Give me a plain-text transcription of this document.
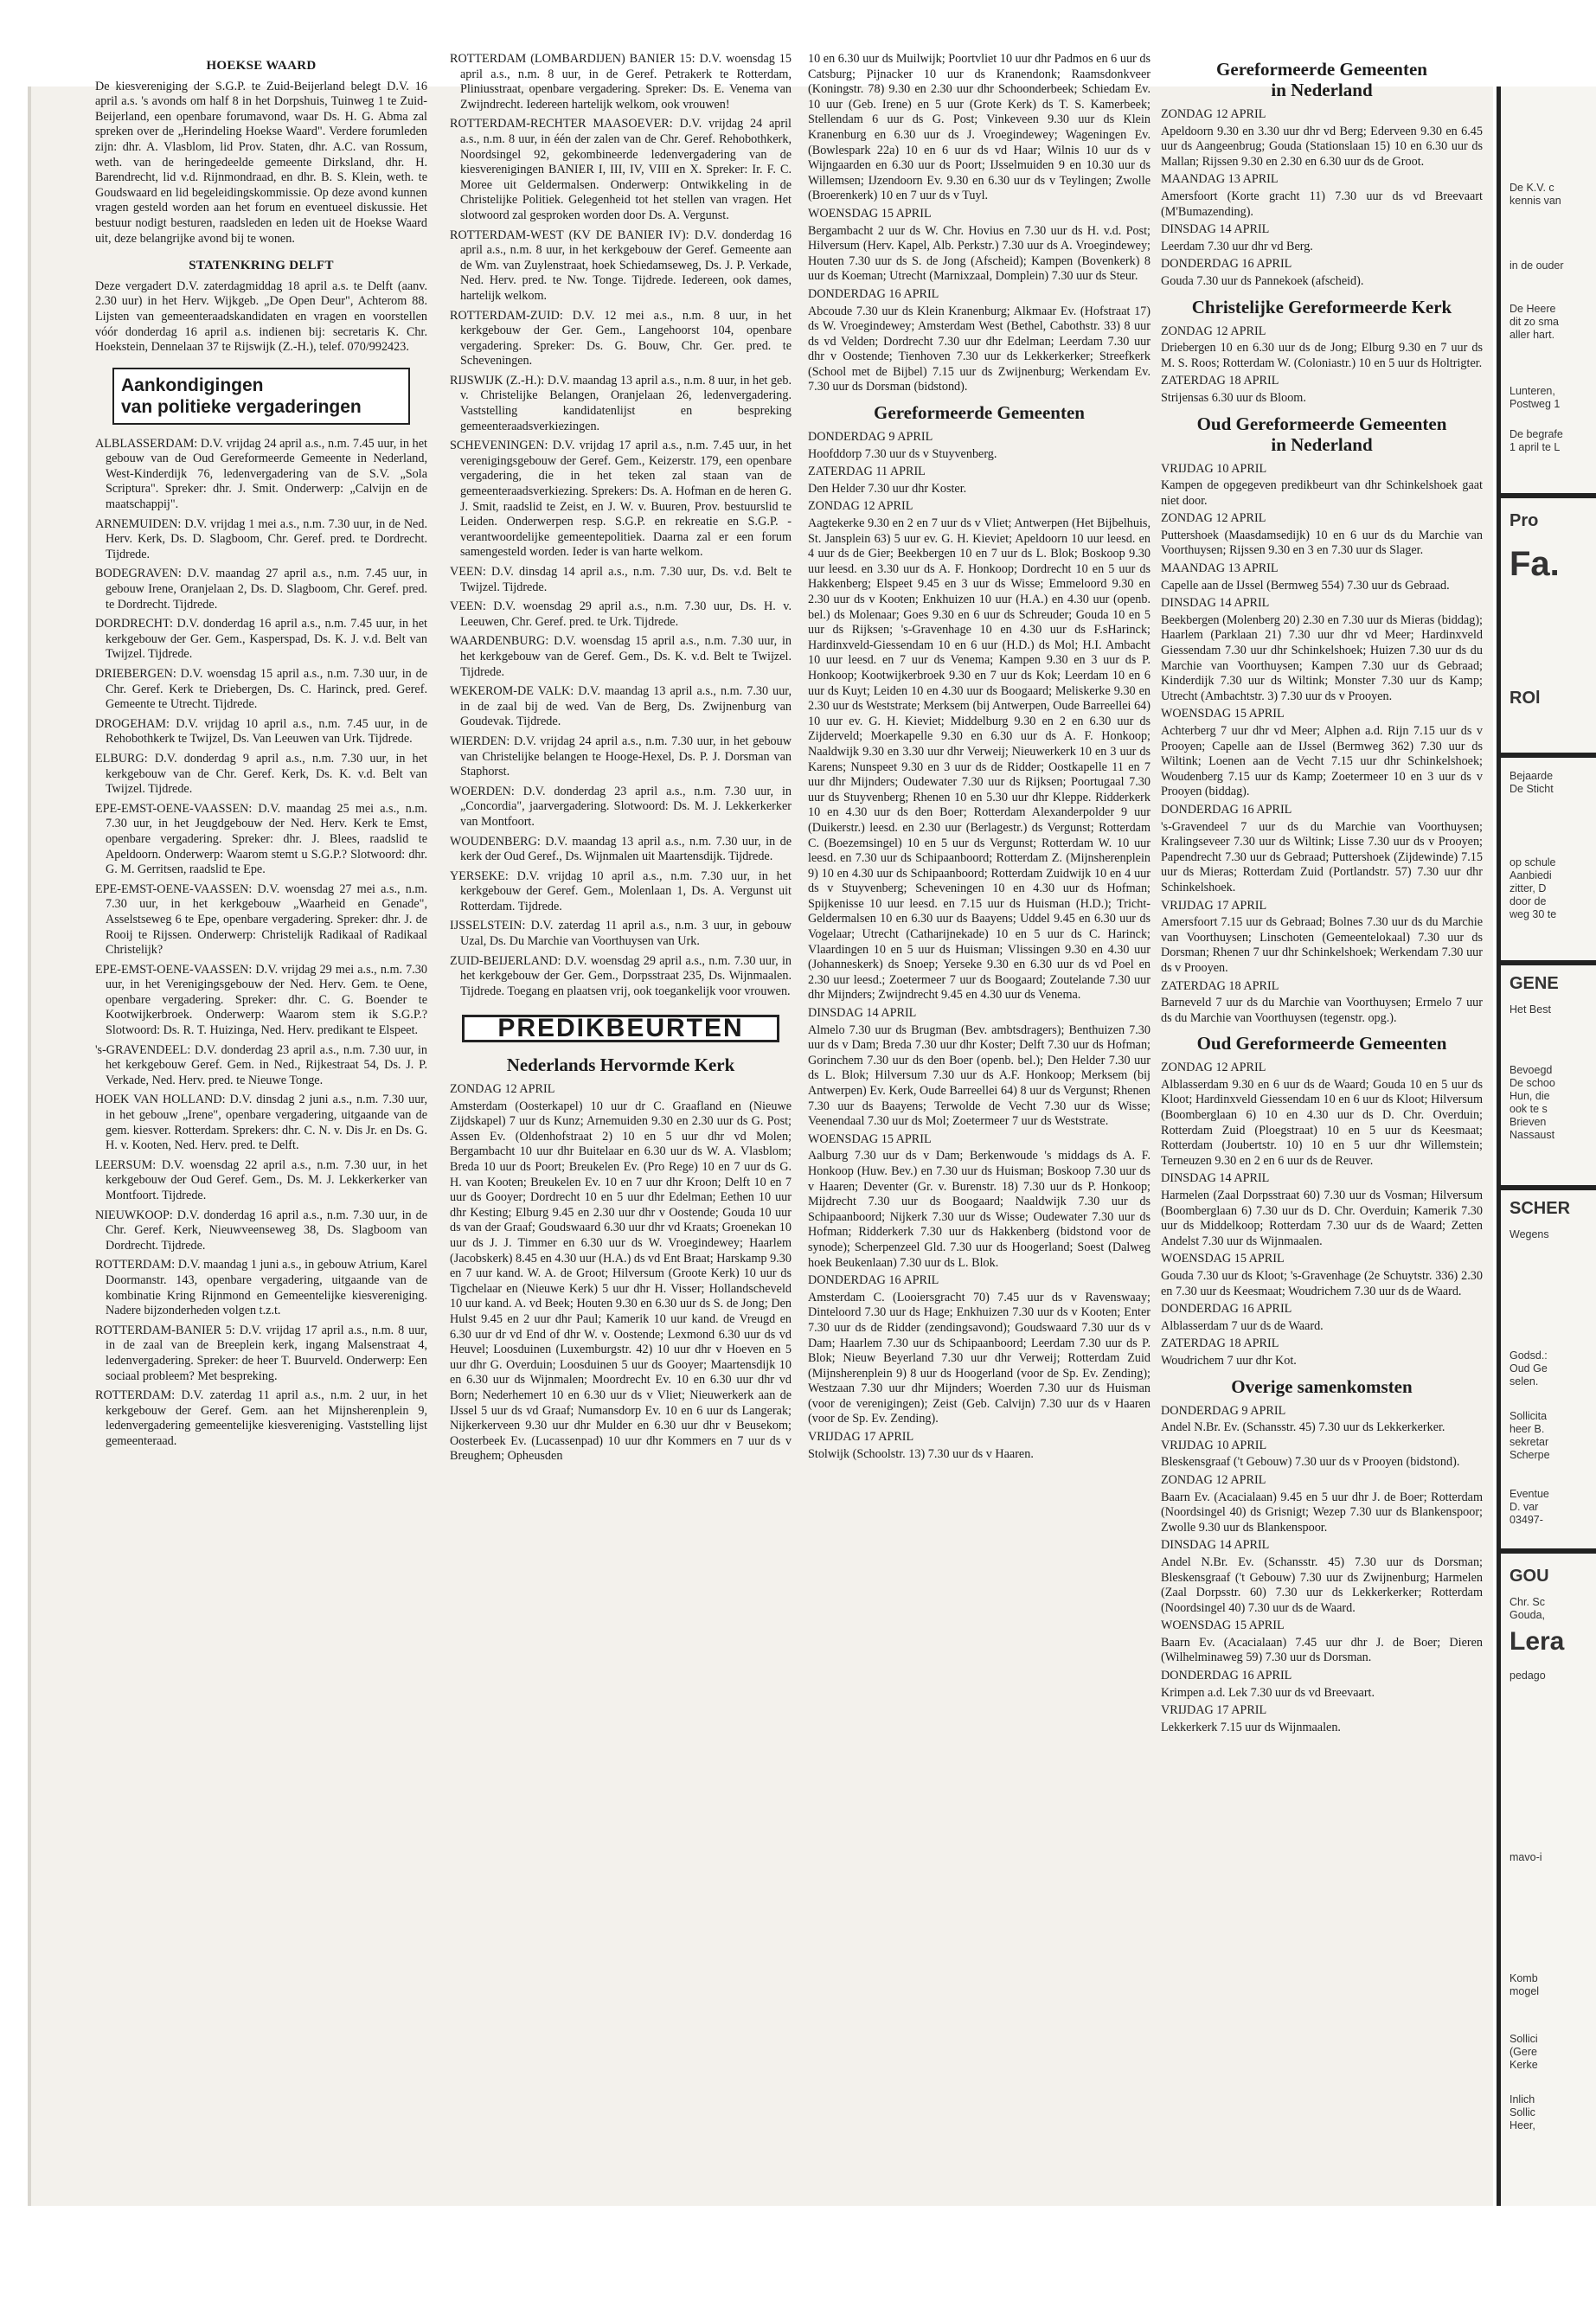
HOEKSE WAARD

De kiesvereniging der S.G.P. te Zuid-Beijerland belegt D.V. 16 april a.s. 's avonds om half 8 in het Dorpshuis, Tuinweg 1 te Zuid-Beijerland, een openbare forumavond, waar Ds. H. G. Abma zal spreken over de „Herindeling Hoekse Waard". Verdere forumleden zijn: dhr. A. Vlasblom, lid Prov. Staten, dhr. A.C. van Rossum, weth. van de heringedeelde gemeente Dirksland, dhr. H. Barendrecht, lid v.d. Rijnmondraad, en dhr. B. S. Klein, weth. te Goudswaard en lid begeleidingskommissie. Op deze avond kunnen vragen gesteld worden aan het forum en eventueel diskussie. Het bestuur nodigt besturen, raadsleden en leden uit de Hoekse Waard uit, deze belangrijke avond bij te wonen.

STATENKRING DELFT

Deze vergadert D.V. zaterdagmiddag 18 april a.s. te Delft (aanv. 2.30 uur) in het Herv. Wijkgeb. „De Open Deur", Achterom 88. Lijsten van gemeenteraadskandidaten en vragen en voorstellen vóór donderdag 16 april a.s. indienen bij: secretaris K. Chr. Hoekstein, Dennelaan 37 te Rijswijk (Z.-H.), telef. 070/992423.

Aankondigingen
van politieke vergaderingen

ALBLASSERDAM: D.V. vrijdag 24 april a.s., n.m. 7.45 uur, in het gebouw van de Oud Gereformeerde Gemeente in Nederland, West-Kinderdijk 76, ledenvergadering van de S.V. „Sola Scriptura". Spreker: dhr. J. Smit. Onderwerp: „Calvijn en de maatschappij".

ARNEMUIDEN: D.V. vrijdag 1 mei a.s., n.m. 7.30 uur, in de Ned. Herv. Kerk, Ds. D. Slagboom, Chr. Geref. pred. te Dordrecht. Tijdrede.

BODEGRAVEN: D.V. maandag 27 april a.s., n.m. 7.45 uur, in gebouw Irene, Oranjelaan 2, Ds. D. Slagboom, Chr. Geref. pred. te Dordrecht. Tijdrede.

DORDRECHT: D.V. donderdag 16 april a.s., n.m. 7.45 uur, in het kerkgebouw der Ger. Gem., Kasperspad, Ds. K. J. v.d. Belt van Twijzel. Tijdrede.

DRIEBERGEN: D.V. woensdag 15 april a.s., n.m. 7.30 uur, in de Chr. Geref. Kerk te Driebergen, Ds. C. Harinck, pred. Geref. Gemeente te Utrecht. Tijdrede.

DROGEHAM: D.V. vrijdag 10 april a.s., n.m. 7.45 uur, in de Rehobothkerk te Twijzel, Ds. Van Leeuwen van Urk. Tijdrede.

ELBURG: D.V. donderdag 9 april a.s., n.m. 7.30 uur, in het kerkgebouw van de Chr. Geref. Kerk, Ds. K. v.d. Belt van Twijzel. Tijdrede.

EPE-EMST-OENE-VAASSEN: D.V. maandag 25 mei a.s., n.m. 7.30 uur, in het Jeugdgebouw der Ned. Herv. Kerk te Emst, openbare vergadering. Spreker: dhr. J. Blees, raadslid te Apeldoorn. Onderwerp: Waarom stemt u S.G.P.? Slotwoord: dhr. G. M. Gerritsen, raadslid te Epe.

EPE-EMST-OENE-VAASSEN: D.V. woensdag 27 mei a.s., n.m. 7.30 uur, in het kerkgebouw „Waarheid en Genade", Asselstseweg 6 te Epe, openbare vergadering. Spreker: dhr. J. de Rooij te Rijssen. Onderwerp: Christelijk Radikaal of Radikaal Christelijk?

EPE-EMST-OENE-VAASSEN: D.V. vrijdag 29 mei a.s., n.m. 7.30 uur, in het Verenigingsgebouw der Ned. Herv. Gem. te Oene, openbare vergadering. Spreker: dhr. C. G. Boender te Kootwijkerbroek. Onderwerp: Waarom stem ik S.G.P.? Slotwoord: Ds. R. T. Huizinga, Ned. Herv. predikant te Elspeet.

's-GRAVENDEEL: D.V. donderdag 23 april a.s., n.m. 7.30 uur, in het kerkgebouw Geref. Gem. in Ned., Rijkestraat 54, Ds. J. P. Verkade, Ned. Herv. pred. te Nieuwe Tonge.

HOEK VAN HOLLAND: D.V. dinsdag 2 juni a.s., n.m. 7.30 uur, in het gebouw „Irene", openbare vergadering, uitgaande van de gem. kiesver. Rotterdam. Sprekers: dhr. C. N. v. Dis Jr. en Ds. G. H. v. Kooten, Ned. Herv. pred. te Delft.

LEERSUM: D.V. woensdag 22 april a.s., n.m. 7.30 uur, in het kerkgebouw der Oud Geref. Gem., Ds. M. J. Lekkerkerker van Montfoort. Tijdrede.

NIEUWKOOP: D.V. donderdag 16 april a.s., n.m. 7.30 uur, in de Chr. Geref. Kerk, Nieuwveenseweg 38, Ds. Slagboom van Dordrecht. Tijdrede.

ROTTERDAM: D.V. maandag 1 juni a.s., in gebouw Atrium, Karel Doormanstr. 143, openbare vergadering, uitgaande van de kombinatie Kring Rijnmond en Gemeentelijke kiesvereniging. Nadere bijzonderheden volgen t.z.t.

ROTTERDAM-BANIER 5: D.V. vrijdag 17 april a.s., n.m. 8 uur, in de zaal van de Breeplein kerk, ingang Malsenstraat 4, ledenvergadering. Spreker: de heer T. Buurveld. Onderwerp: Een sociaal probleem? Met bespreking.

ROTTERDAM: D.V. zaterdag 11 april a.s., n.m. 2 uur, in het kerkgebouw der Geref. Gem. aan het Mijnsherenplein 9, ledenvergadering gemeentelijke kiesvereniging. Vaststelling lijst gemeenteraad.

ROTTERDAM (LOMBARDIJEN) BANIER 15: D.V. woensdag 15 april a.s., n.m. 8 uur, in de Geref. Petrakerk te Rotterdam, Pliniusstraat, openbare vergadering. Spreker: Ds. E. Venema van Zwijndrecht. Iedereen hartelijk welkom, ook vrouwen!

ROTTERDAM-RECHTER MAASOEVER: D.V. vrijdag 24 april a.s., n.m. 8 uur, in één der zalen van de Chr. Geref. Rehobothkerk, Noordsingel 92, gekombineerde ledenvergadering van de kiesverenigingen BANIER I, III, IV, VIII en X. Spreker: Ir. F. C. Moree uit Geldermalsen. Onderwerp: Ontwikkeling in de Christelijke Politiek. Gelegenheid tot het stellen van vragen. Het slotwoord zal gesproken worden door Ds. A. Vergunst.

ROTTERDAM-WEST (KV DE BANIER IV): D.V. donderdag 16 april a.s., n.m. 8 uur, in het kerkgebouw der Geref. Gemeente aan de Wm. van Zuylenstraat, hoek Schiedamseweg, Ds. J. P. Verkade, Ned. Herv. pred. te Nw. Tonge. Tijdrede. Iedereen, ook dames, hartelijk welkom.

ROTTERDAM-ZUID: D.V. 12 mei a.s., n.m. 8 uur, in het kerkgebouw der Ger. Gem., Langehoorst 104, openbare vergadering. Spreker: Ds. G. Bouw, Chr. Ger. pred. te Scheveningen.

RIJSWIJK (Z.-H.): D.V. maandag 13 april a.s., n.m. 8 uur, in het geb. v. Christelijke Belangen, Oranjelaan 26, ledenvergadering. Vaststelling kandidatenlijst en bespreking gemeenteraadsverkiezingen.

SCHEVENINGEN: D.V. vrijdag 17 april a.s., n.m. 7.45 uur, in het verenigingsgebouw der Geref. Gem., Keizerstr. 179, een openbare vergadering, die in het teken zal staan van de gemeenteraadsverkiezing. Sprekers: Ds. A. Hofman en de heren G. J. Smit, raadslid te Zeist, en J. W. v. Buuren, Prov. bestuurslid te Leiden. Onderwerpen resp. S.G.P. en rekreatie en S.G.P. - verantwoordelijke gemeentepolitiek. Daarna zal er een forum samengesteld worden. Ieder is van harte welkom.

VEEN: D.V. dinsdag 14 april a.s., n.m. 7.30 uur, Ds. v.d. Belt te Twijzel. Tijdrede.

VEEN: D.V. woensdag 29 april a.s., n.m. 7.30 uur, Ds. H. v. Leeuwen, Chr. Geref. pred. te Urk. Tijdrede.

WAARDENBURG: D.V. woensdag 15 april a.s., n.m. 7.30 uur, in het kerkgebouw van de Geref. Gem., Ds. K. v.d. Belt te Twijzel. Tijdrede.

WEKEROM-DE VALK: D.V. maandag 13 april a.s., n.m. 7.30 uur, in de zaal bij de wed. Van de Berg, Ds. Zwijnenburg van Goudevak. Tijdrede.

WIERDEN: D.V. vrijdag 24 april a.s., n.m. 7.30 uur, in het gebouw van Christelijke belangen te Hooge-Hexel, Ds. P. J. Dorsman van Staphorst.

WOERDEN: D.V. donderdag 23 april a.s., n.m. 7.30 uur, in „Concordia", jaarvergadering. Slotwoord: Ds. M. J. Lekkerkerker van Montfoort.

WOUDENBERG: D.V. maandag 13 april a.s., n.m. 7.30 uur, in de kerk der Oud Geref., Ds. Wijnmalen uit Maartensdijk. Tijdrede.

YERSEKE: D.V. vrijdag 10 april a.s., n.m. 7.30 uur, in het kerkgebouw der Geref. Gem., Molenlaan 1, Ds. A. Vergunst uit Rotterdam. Tijdrede.

IJSSELSTEIN: D.V. zaterdag 11 april a.s., n.m. 3 uur, in gebouw Uzal, Ds. Du Marchie van Voorthuysen van Urk.

ZUID-BEIJERLAND: D.V. woensdag 29 april a.s., n.m. 7.30 uur, in het kerkgebouw der Ger. Gem., Dorpsstraat 235, Ds. Wijnmaalen. Tijdrede. Toegang en plaatsen vrij, ook toegankelijk voor vrouwen.

PREDIKBEURTEN
Nederlands Hervormde Kerk

ZONDAG 12 APRIL

Amsterdam (Oosterkapel) 10 uur dr C. Graafland en (Nieuwe Zijdskapel) 7 uur ds Kunz; Arnemuiden 9.30 en 2.30 uur ds G. Post; Assen Ev. (Oldenhofstraat 2) 10 en 5 uur dhr vd Molen; Bergambacht 10 uur dhr Buitelaar en 6.30 uur ds W. A. Vlasblom; Breda 10 uur ds Poort; Breukelen Ev. (Pro Rege) 10 en 7 uur ds G. H. van Kooten; Breukelen Ev. 10 en 7 uur dhr Kroon; Delft 10 en 7 uur ds Gooyer; Dordrecht 10 en 5 uur dhr Edelman; Eethen 10 uur dhr Kesting; Elburg 9.45 en 2.30 uur dhr v Oostende; Gouda 10 uur ds van der Graaf; Goudswaard 6.30 uur dhr vd Kraats; Groenekan 10 uur ds J. J. Timmer en 6.30 uur ds W. Vroegindewey; Haarlem (Jacobskerk) 8.45 en 4.30 uur (H.A.) ds vd Ent Braat; Harskamp 9.30 en 7 uur kand. W. A. de Groot; Hilversum (Groote Kerk) 10 uur ds Tigchelaar en (Nieuwe Kerk) 5 uur dhr H. Visser; Hollandscheveld 10 uur kand. A. vd Beek; Houten 9.30 en 6.30 uur ds S. de Jong; Den Hulst 9.45 en 2 uur dhr Paul; Kamerik 10 uur kand. de Vreugd en 6.30 uur dr vd End of dhr W. v. Oostende; Lexmond 6.30 uur ds vd Heuvel; Loosduinen (Luxemburgstr. 42) 10 uur dhr v Hoeven en 5 uur dhr G. Overduin; Loosduinen 5 uur ds Gooyer; Maartensdijk 10 en 6.30 uur ds Wijnmalen; Moordrecht Ev. 10 en 6.30 uur dhr vd Born; Nederhemert 10 en 6.30 uur ds v Vliet; Nieuwerkerk aan de IJssel 5 uur ds vd Graaf; Numansdorp Ev. 10 en 6 uur ds Langerak; Nijkerkerveen 9.30 uur dhr Mulder en 6.30 uur dhr v Beusekom; Oosterbeek Ev. (Lucassenpad) 10 uur dhr Kommers en 7 uur ds v Breughem; Opheusden

10 en 6.30 uur ds Muilwijk; Poortvliet 10 uur dhr Padmos en 6 uur ds Catsburg; Pijnacker 10 uur ds Kranendonk; Raamsdonkveer (Koningstr. 78) 9.30 en 2.30 uur dhr Schoonderbeek; Schiedam Ev. 10 uur (Geb. Irene) en 5 uur (Grote Kerk) ds T. S. Kamerbeek; Stellendam 6 uur ds G. Post; Vinkeveen 9.30 uur ds Klein Kranenburg en 6.30 uur ds J. Vroegindewey; Wageningen Ev. (Bowlespark 22a) 10 en 6 uur ds vd Haar; Wilnis 10 uur ds v Wijngaarden en 6.30 uur ds Poort; IJsselmuiden 9 en 10.30 uur ds Willemsen; IJzendoorn Ev. 9.30 en 6.30 uur ds v Teylingen; Zwolle (Broerenkerk) 10 en 7 uur ds v Tuyl.

WOENSDAG 15 APRIL

Bergambacht 2 uur ds W. Chr. Hovius en 7.30 uur ds H. v.d. Post; Hilversum (Herv. Kapel, Alb. Perkstr.) 7.30 uur ds A. Vroegindewey; Houten 7.30 uur ds S. de Jong (Afscheid); Kampen (Bovenkerk) 8 uur ds Koeman; Utrecht (Marnixzaal, Domplein) 7.30 uur ds Steur.

DONDERDAG 16 APRIL

Abcoude 7.30 uur ds Klein Kranenburg; Alkmaar Ev. (Hofstraat 17) ds W. Vroegindewey; Amsterdam West (Bethel, Cabothstr. 33) 8 uur ds vd Velden; Dordrecht 7.30 uur dhr Edelman; Leerdam 7.30 uur dhr v Oostende; Tienhoven 7.30 uur ds Lekkerkerker; Streefkerk (School met de Bijbel) 7.15 uur ds Zwijnenburg; Werkendam Ev. 7.30 uur ds Dorsman (bidstond).

Gereformeerde Gemeenten

DONDERDAG 9 APRIL

Hoofddorp 7.30 uur ds v Stuyvenberg.

ZATERDAG 11 APRIL

Den Helder 7.30 uur dhr Koster.

ZONDAG 12 APRIL

Aagtekerke 9.30 en 2 en 7 uur ds v Vliet; Antwerpen (Het Bijbelhuis, St. Jansplein 63) 5 uur ev. G. H. Kieviet; Apeldoorn 10 uur leesd. en 4 uur ds de Gier; Beekbergen 10 en 7 uur ds L. Blok; Boskoop 9.30 uur leesd. en 3.30 uur ds A. F. Honkoop; Dordrecht 10 en 5 uur ds Hakkenberg; Elspeet 9.45 en 3 uur ds Wisse; Emmeloord 9.30 en 2.30 uur ds v Kooten; Enkhuizen 10 uur (H.A.) en 4.30 uur (openb. bel.) ds Molenaar; Goes 9.30 en 6 uur ds Schreuder; Gouda 10 en 5 uur ds Rijksen; 's-Gravenhage 10 en 4.30 uur ds F.sHarinck; Hardinxveld-Giessendam 10 en 6 uur (H.D.) ds Mol; H.I. Ambacht 10 uur leesd. en 7 uur ds Venema; Kampen 9.30 en 3 uur ds P. Honkoop; Kootwijkerbroek 9.30 en 7 uur ds Kok; Leerdam 10 en 6 uur ds Kuyt; Leiden 10 en 4.30 uur ds Boogaard; Meliskerke 9.30 en 2.30 uur ds Weststrate; Merksem (bij Antwerpen, Oude Barreellei 64) 10 uur ev. G. H. Kieviet; Middelburg 9.30 en 2 en 6.30 uur ds Zijderveld; Moerkapelle 9.30 en 6.30 uur ds A. F. Honkoop; Naaldwijk 9.30 en 3.30 uur dhr Verweij; Nieuwerkerk 10 en 3 uur ds Karens; Nunspeet 9.30 en 3 uur ds de Ridder; Oostkapelle 11 en 7 uur dhr Mijnders; Oudewater 7.30 uur ds Rijksen; Poortugaal 7.30 uur ds Stuyvenberg; Rhenen 10 en 5.30 uur dhr Kleppe. Ridderkerk 10 en 4.30 uur ds den Boer; Rotterdam Alexanderpolder 9 uur (Duikerstr.) leesd. en 2.30 uur (Berlagestr.) ds Vergunst; Rotterdam C. (Boezemsingel) 10 en 5 uur ds Vergunst; Rotterdam W. 10 uur leesd. en 7.30 uur ds Schipaanboord; Rotterdam Z. (Mijnsherenplein 9) 10 en 4.30 uur ds Schipaanboord; Rotterdam Zuidwijk 10 en 4 uur ds v Stuyvenberg; Scheveningen 10 en 4.30 uur ds Hofman; Spijkenisse 10 uur leesd. en 7.15 uur ds Huisman (H.D.); Tricht-Geldermalsen 10 en 6.30 uur ds Baayens; Uddel 9.45 en 6.30 uur ds Vogelaar; Utrecht (Catharijnekade) 10 en 5 uur ds C. Harinck; Vlaardingen 10 en 5 uur ds Huisman; Vlissingen 9.30 en 4.30 uur (Johanneskerk) ds Snoep; Yerseke 9.30 en 6.30 uur ds vd Poel en 2.30 uur leesd.; Zoetermeer 7 uur ds Boogaard; Zoutelande 7.30 uur dhr Mijnders; Zwijndrecht 9.45 en 4.30 uur ds Venema.

DINSDAG 14 APRIL

Almelo 7.30 uur ds Brugman (Bev. ambtsdragers); Benthuizen 7.30 uur ds v Dam; Breda 7.30 uur dhr Koster; Delft 7.30 uur ds Hofman; Gorinchem 7.30 uur ds den Boer (openb. bel.); Den Helder 7.30 uur ds L. Blok; Hilversum 7.30 uur ds A.F. Honkoop; Merksem (bij Antwerpen) Ev. Kerk, Oude Barreellei 64) 8 uur ds Vergunst; Rhenen 7.30 uur ds Baayens; Terwolde de Vecht 7.30 uur ds Wisse; Veenendaal 7.30 uur ds Mol; Zoetermeer 7 uur ds Weststrate.

WOENSDAG 15 APRIL

Aalburg 7.30 uur ds v Dam; Berkenwoude 's middags ds A. F. Honkoop (Huw. Bev.) en 7.30 uur ds Huisman; Boskoop 7.30 uur ds v Haaren; Deventer (Gr. v. Burenstr. 18) 7.30 uur ds P. Honkoop; Mijdrecht 7.30 uur ds Boogaard; Naaldwijk 7.30 uur ds Schipaanboord; Nijkerk 7.30 uur ds Wisse; Oudewater 7.30 uur ds Hofman; Ridderkerk 7.30 uur ds Hakkenberg (bidstond voor de synode); Scherpenzeel Gld. 7.30 uur ds Hoogerland; Soest (Dalweg hoek Beukenlaan) 7.30 uur ds L. Blok.

DONDERDAG 16 APRIL

Amsterdam C. (Looiersgracht 70) 7.45 uur ds v Ravenswaay; Dinteloord 7.30 uur ds Hage; Enkhuizen 7.30 uur ds v Kooten; Enter 7.30 uur ds de Ridder (zendingsavond); Goudswaard 7.30 uur ds v Dam; Haarlem 7.30 uur ds Schipaanboord; Leerdam 7.30 uur ds P. Blok; Nieuw Beyerland 7.30 uur dhr Verweij; Rotterdam Zuid (Mijnsherenplein 9) 8 uur ds Hoogerland (voor de Sp. Ev. Zending); Westzaan 7.30 uur dhr Mijnders; Woerden 7.30 uur ds Huisman (voor de verenigingen); Zeist (Geb. Calvijn) 7.30 uur ds v Haaren (voor de Sp. Ev. Zending).

VRIJDAG 17 APRIL

Stolwijk (Schoolstr. 13) 7.30 uur ds v Haaren.

Gereformeerde Gemeenten
in Nederland

ZONDAG 12 APRIL

Apeldoorn 9.30 en 3.30 uur dhr vd Berg; Ederveen 9.30 en 6.45 uur ds Aangeenbrug; Gouda (Stationslaan 15) 10 en 6.30 uur ds Mallan; Rijssen 9.30 en 2.30 en 6.30 uur ds de Groot.

MAANDAG 13 APRIL

Amersfoort (Korte gracht 11) 7.30 uur ds vd Breevaart (M'Bumazending).

DINSDAG 14 APRIL

Leerdam 7.30 uur dhr vd Berg.

DONDERDAG 16 APRIL

Gouda 7.30 uur ds Pannekoek (afscheid).

Christelijke Gereformeerde Kerk

ZONDAG 12 APRIL

Driebergen 10 en 6.30 uur ds de Jong; Elburg 9.30 en 7 uur ds M. S. Roos; Rotterdam W. (Coloniastr.) 10 en 5 uur ds Holtrigter.

ZATERDAG 18 APRIL

Strijensas 6.30 uur ds Bloom.

Oud Gereformeerde Gemeenten
in Nederland

VRIJDAG 10 APRIL

Kampen de opgegeven predikbeurt van dhr Schinkelshoek gaat niet door.

ZONDAG 12 APRIL

Puttershoek (Maasdamsedijk) 10 en 6 uur ds du Marchie van Voorthuysen; Rijssen 9.30 en 3 en 7.30 uur ds Slager.

MAANDAG 13 APRIL

Capelle aan de IJssel (Bermweg 554) 7.30 uur ds Gebraad.

DINSDAG 14 APRIL

Beekbergen (Molenberg 20) 2.30 en 7.30 uur ds Mieras (biddag); Haarlem (Parklaan 21) 7.30 uur dhr vd Meer; Hardinxveld Giessendam 7.30 uur dhr Schinkelshoek; Huizen 7.30 uur ds du Marchie van Voorthuysen; Kampen 7.30 uur ds Gebraad; Kinderdijk 7.30 uur ds Wiltink; Monster 7.30 uur ds Kamp; Utrecht (Ambachtstr. 3) 7.30 uur ds v Prooyen.

WOENSDAG 15 APRIL

Achterberg 7 uur dhr vd Meer; Alphen a.d. Rijn 7.15 uur ds v Prooyen; Capelle aan de IJssel (Bermweg 362) 7.30 uur ds Wiltink; Loenen aan de Vecht 7.15 uur dhr Schinkelshoek; Woudenberg 7.15 uur ds Kamp; Zoetermeer 10 en 3 uur ds v Prooyen (biddag).

DONDERDAG 16 APRIL

's-Gravendeel 7 uur ds du Marchie van Voorthuysen; Kralingseveer 7.30 uur ds Wiltink; Lisse 7.30 uur ds v Prooyen; Papendrecht 7.30 uur ds Gebraad; Puttershoek (Zijdewinde) 7.15 uur ds Mieras; Rotterdam Zuid (Portlandstr. 57) 7.30 uur dhr Schinkelshoek.

VRIJDAG 17 APRIL

Amersfoort 7.15 uur ds Gebraad; Bolnes 7.30 uur ds du Marchie van Voorthuysen; Linschoten (Gemeentelokaal) 7.30 uur ds Dorsman; Rhenen 7 uur dhr Schinkelshoek; Werkendam 7.30 uur ds v Prooyen.

ZATERDAG 18 APRIL

Barneveld 7 uur ds du Marchie van Voorthuysen; Ermelo 7 uur ds du Marchie van Voorthuysen (tegenstr. opg.).

Oud Gereformeerde Gemeenten

ZONDAG 12 APRIL

Alblasserdam 9.30 en 6 uur ds de Waard; Gouda 10 en 5 uur ds Kloot; Hardinxveld Giessendam 10 en 6 uur ds Kloot; Hilversum (Boomberglaan 6) 10 en 4.30 uur ds D. Chr. Overduin; Rotterdam Zuid (Ploegstraat) 10 en 5 uur ds Keesmaat; Rotterdam (Joubertstr. 10) 10 en 5 uur dhr Willemstein; Terneuzen 9.30 en 2 en 6 uur ds de Reuver.

DINSDAG 14 APRIL

Harmelen (Zaal Dorpsstraat 60) 7.30 uur ds Vosman; Hilversum (Boomberglaan 6) 7.30 uur ds D. Chr. Overduin; Kamerik 7.30 uur ds Middelkoop; Rotterdam 7.30 uur ds de Waard; Zetten Andelst 7.30 uur ds Wijnmaalen.

WOENSDAG 15 APRIL

Gouda 7.30 uur ds Kloot; 's-Gravenhage (2e Schuytstr. 336) 2.30 en 7.30 uur ds Keesmaat; Woudrichem 7.30 uur ds de Waard.

DONDERDAG 16 APRIL

Alblasserdam 7 uur ds de Waard.

ZATERDAG 18 APRIL

Woudrichem 7 uur dhr Kot.

Overige samenkomsten

DONDERDAG 9 APRIL

Andel N.Br. Ev. (Schansstr. 45) 7.30 uur ds Lekkerkerker.

VRIJDAG 10 APRIL

Bleskensgraaf ('t Gebouw) 7.30 uur ds v Prooyen (bidstond).

ZONDAG 12 APRIL

Baarn Ev. (Acacialaan) 9.45 en 5 uur dhr J. de Boer; Rotterdam (Noordsingel 40) ds Grisnigt; Wezep 7.30 uur ds Blankenspoor; Zwolle 9.30 uur ds Blankenspoor.

DINSDAG 14 APRIL

Andel N.Br. Ev. (Schansstr. 45) 7.30 uur ds Dorsman; Bleskensgraaf ('t Gebouw) 7.30 uur ds Zwijnenburg; Harmelen (Zaal Dorpsstr. 60) 7.30 uur ds Lekkerkerker; Rotterdam (Noordsingel 40) 7.30 uur ds de Waard.

WOENSDAG 15 APRIL

Baarn Ev. (Acacialaan) 7.45 uur dhr J. de Boer; Dieren (Wilhelminaweg 59) 7.30 uur ds Dorsman.

DONDERDAG 16 APRIL

Krimpen a.d. Lek 7.30 uur ds vd Breevaart.

VRIJDAG 17 APRIL

Lekkerkerk 7.15 uur ds Wijnmaalen.

De K.V. c
kennis van
in de ouder
De Heere
dit zo sma
aller hart.
Lunteren,
Postweg 1
De begrafe
1 april te L
Pro
Fa.
ROl
Bejaarde
De Sticht
op schule
Aanbiedi
zitter, D
door de
weg 30 te
GENE
Het Best
Bevoegd
De schoo
Hun, die
ook te s
Brieven
Nassaust
SCHER
Wegens
Godsd.:
Oud Ge
selen.
Sollicita
heer B.
sekretar
Scherpe
Eventue
D. var
03497-
GOU
Chr. Sc
Gouda,
Lera
pedago
mavo-i
Komb
mogel
Sollici
(Gere
Kerke
Inlich
Sollic
Heer,
